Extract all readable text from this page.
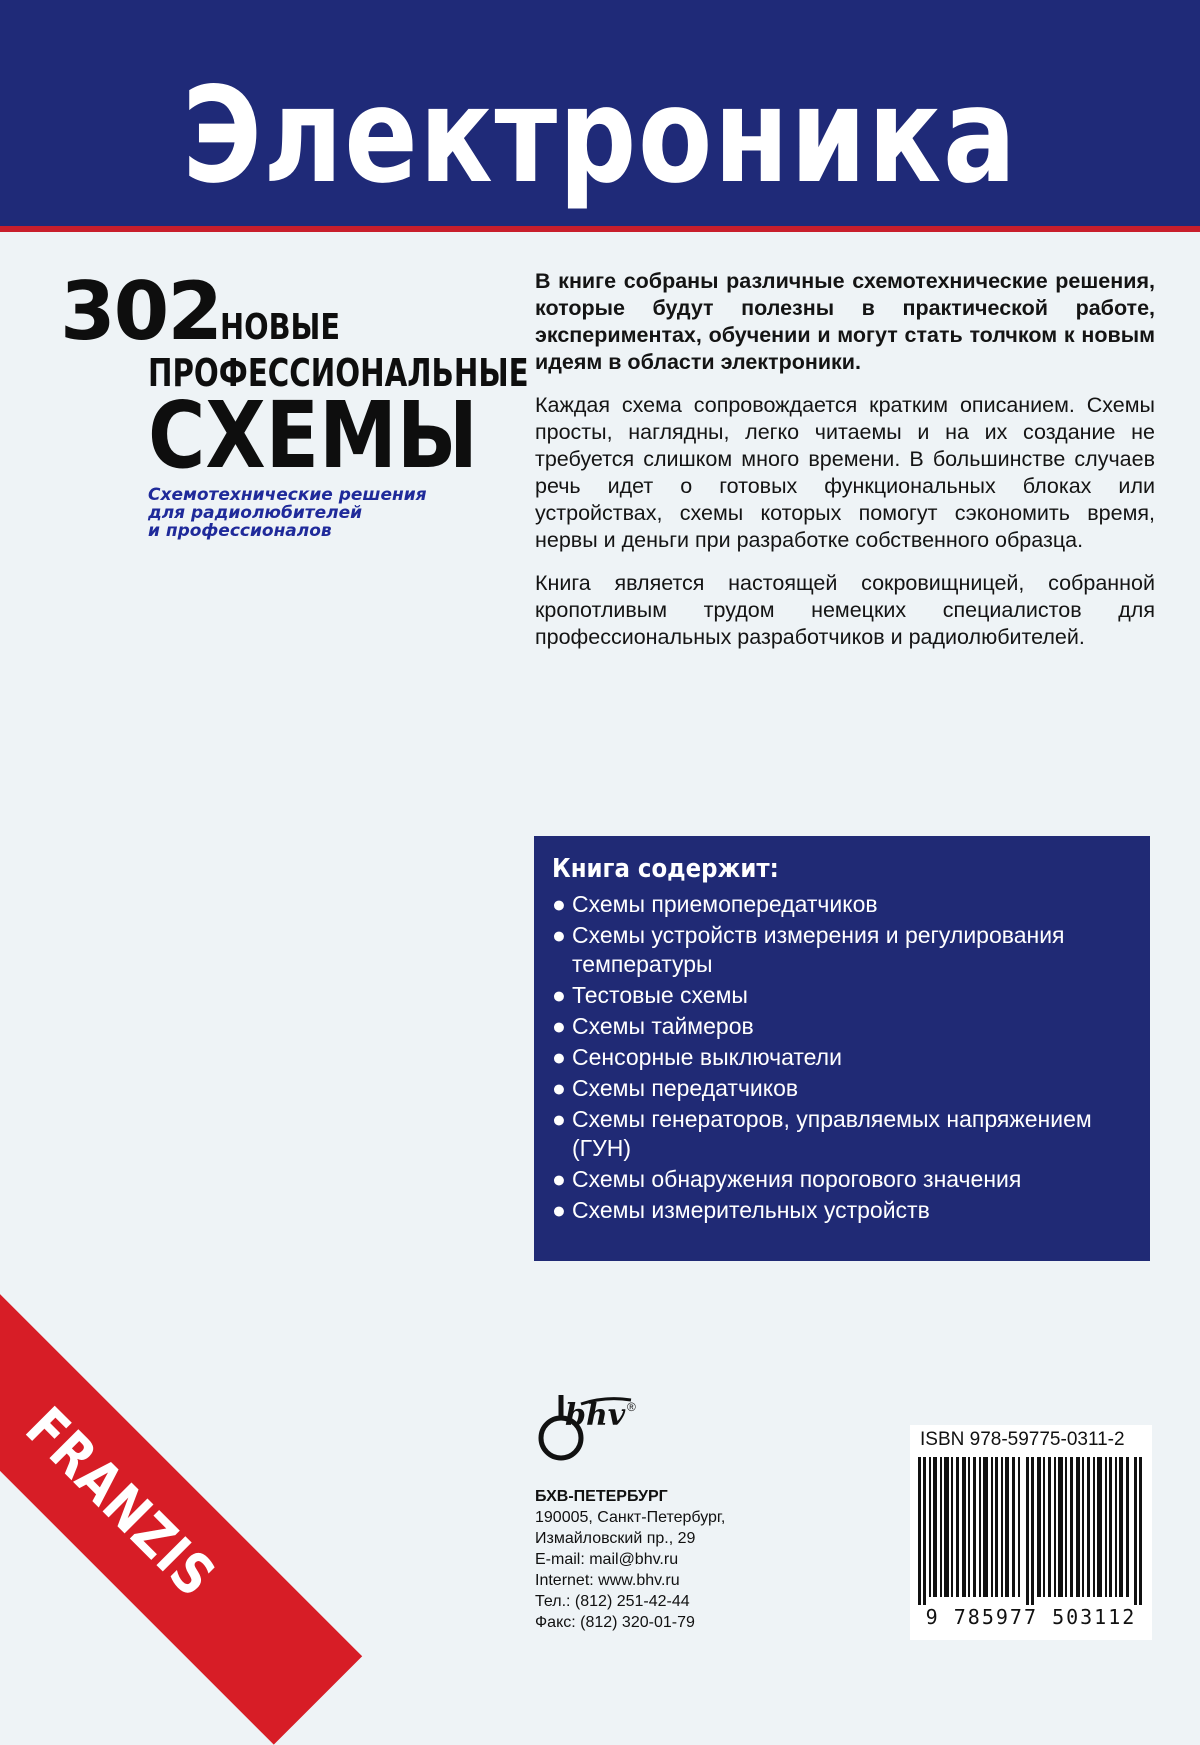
Электроника
302 НОВЫЕ
ПРОФЕССИОНАЛЬНЫЕ
СХЕМЫ
Схемотехнические решения
для радиолюбителей
и профессионалов

В книге собраны различные схемотехнические решения, которые будут полезны в практической работе, экспериментах, обучении и могут стать толчком к новым идеям в области электроники.

Каждая схема сопровождается кратким описанием. Схемы просты, наглядны, легко читаемы и на их создание не требуется слишком много времени. В большинстве случаев речь идет о готовых функциональных блоках или устройствах, схемы которых помогут сэкономить время, нервы и деньги при разработке собственного образца.

Книга является настоящей сокровищницей, собранной кропотливым трудом немецких специалистов для профессиональных разработчиков и радиолюбителей.

Книга содержит:
● Схемы приемопередатчиков
● Схемы устройств измерения и регулирования температуры
● Тестовые схемы
● Схемы таймеров
● Сенсорные выключатели
● Схемы передатчиков
● Схемы генераторов, управляемых напряжением (ГУН)
● Схемы обнаружения порогового значения
● Схемы измерительных устройств
FRANZIS	bhv ®
БХВ-ПЕТЕРБУРГ
190005, Санкт-Петербург,
Измайловский пр., 29
E-mail: mail@bhv.ru
Internet: www.bhv.ru
Тел.: (812) 251-42-44
Факс: (812) 320-01-79
ISBN 978-59775-0311-2
9 785977 503112
